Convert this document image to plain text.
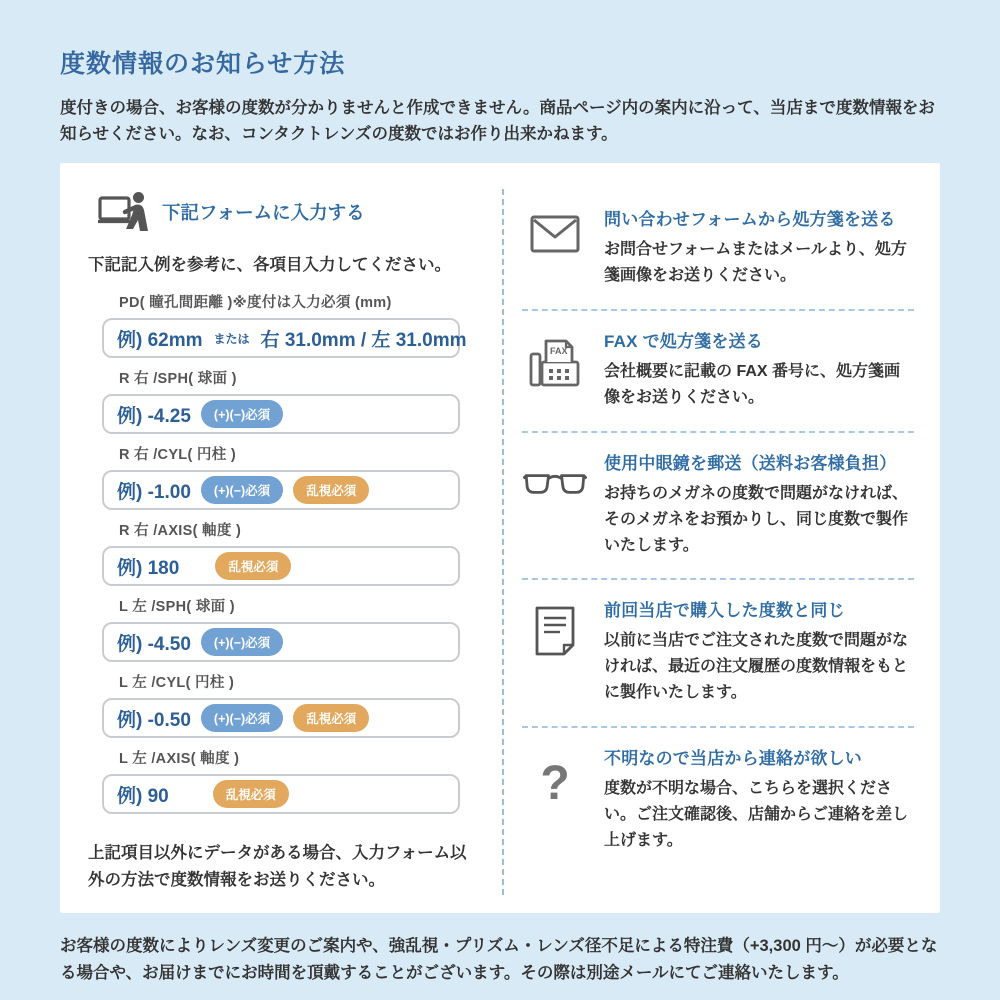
度数情報のお知らせ方法

度付きの場合、お客様の度数が分かりませんと作成できません。商品ページ内の案内に沿って、当店まで度数情報をお知らせください。なお、コンタクトレンズの度数ではお作り出来かねます。

下記フォームに入力する

下記記入例を参考に、各項目入力してください。

PD( 瞳孔間距離 )※度付は入力必須 (mm)
例) 62mm または 右 31.0mm / 左 31.0mm
R 右 /SPH( 球面 )
例) -4.25	(+)(−)必須
R 右 /CYL( 円柱 )
例) -1.00	(+)(−)必須	乱視必須
R 右 /AXIS( 軸度 )
例) 180	乱視必須
L 左 /SPH( 球面 )
例) -4.50	(+)(−)必須
L 左 /CYL( 円柱 )
例) -0.50	(+)(−)必須	乱視必須
L 左 /AXIS( 軸度 )
例) 90	乱視必須

上記項目以外にデータがある場合、入力フォーム以外の方法で度数情報をお送りください。

問い合わせフォームから処方箋を送る
お問合せフォームまたはメールより、処方箋画像をお送りください。
FAX FAX で処方箋を送る
会社概要に記載の FAX 番号に、処方箋画像をお送りください。
使用中眼鏡を郵送（送料お客様負担）
お持ちのメガネの度数で問題がなければ、そのメガネをお預かりし、同じ度数で製作いたします。
前回当店で購入した度数と同じ
以前に当店でご注文された度数で問題がなければ、最近の注文履歴の度数情報をもとに製作いたします。
? 不明なので当店から連絡が欲しい
度数が不明な場合、こちらを選択ください。ご注文確認後、店舗からご連絡を差し上げます。

お客様の度数によりレンズ変更のご案内や、強乱視・プリズム・レンズ径不足による特注費（+3,300 円～）が必要となる場合や、お届けまでにお時間を頂戴することがございます。その際は別途メールにてご連絡いたします。
